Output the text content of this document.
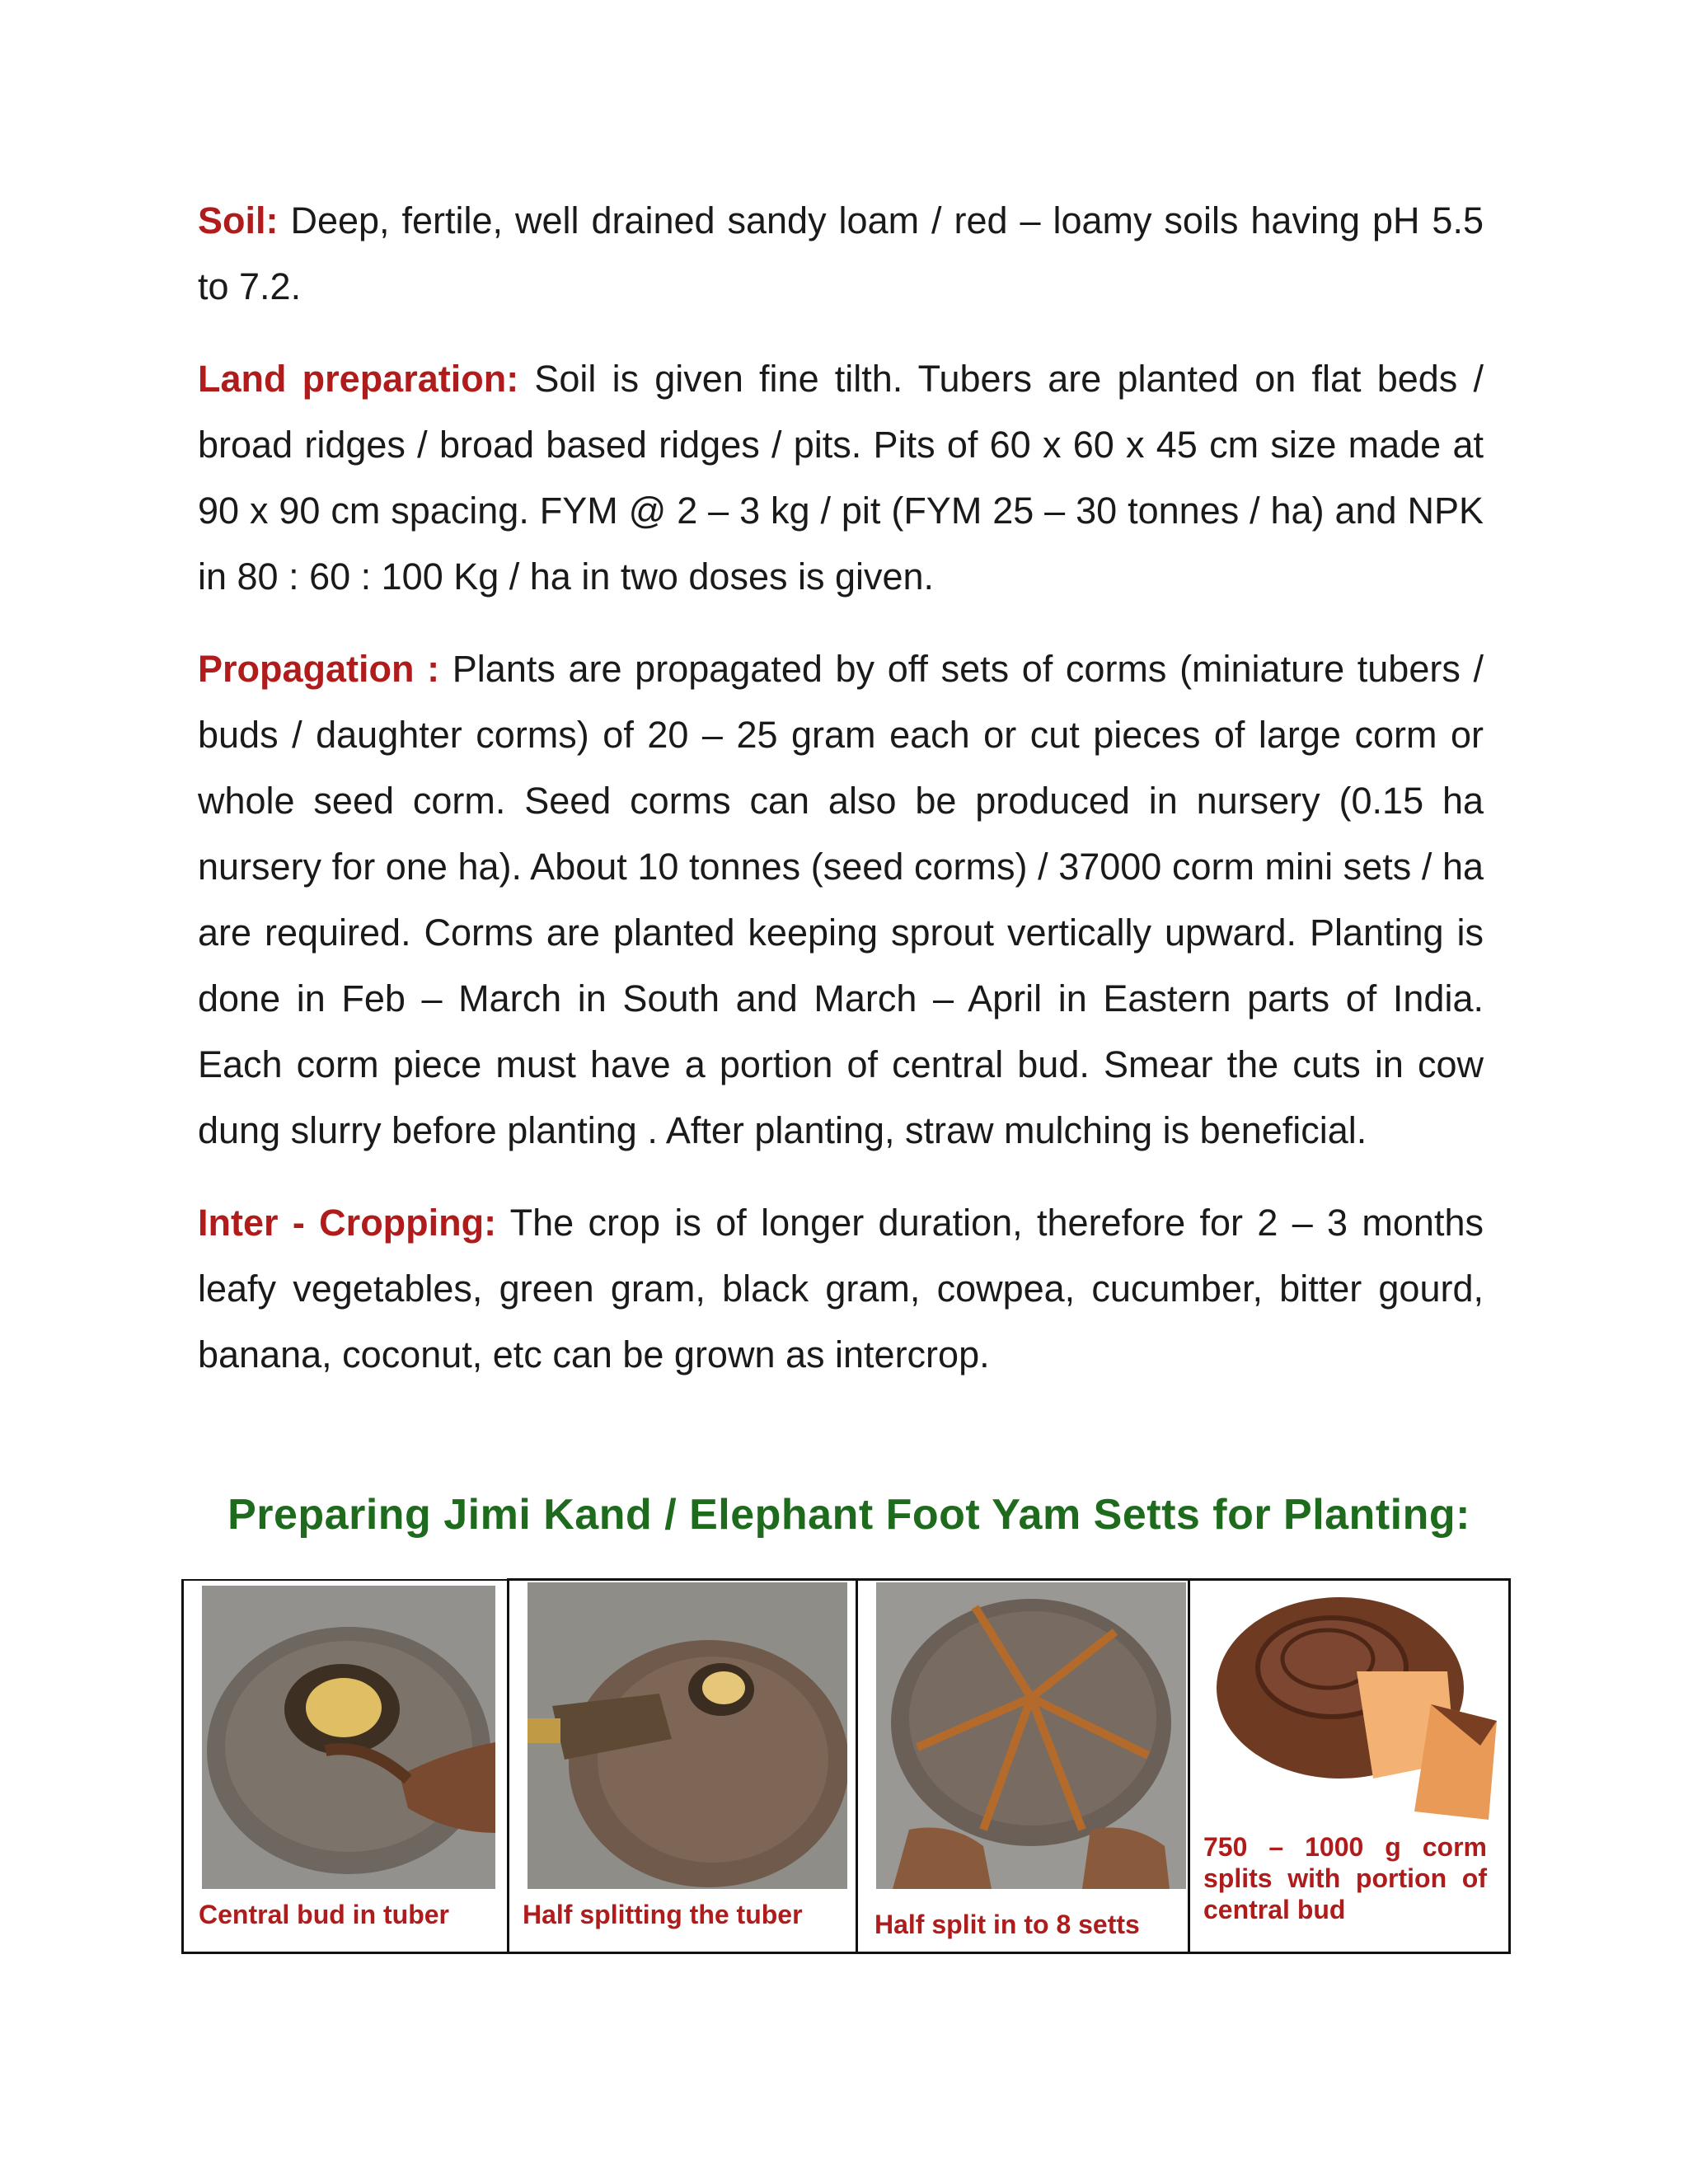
Soil: Deep, fertile, well drained sandy loam / red – loamy soils having pH 5.5 to 7.2.

Land preparation: Soil is given fine tilth. Tubers are planted on flat beds / broad ridges / broad based ridges / pits. Pits of 60 x 60 x 45 cm size made at 90 x 90 cm spacing. FYM @ 2 – 3 kg / pit (FYM 25 – 30 tonnes / ha) and NPK in 80 : 60 : 100 Kg / ha in two doses is given.

Propagation : Plants are propagated by off sets of corms (miniature tubers / buds / daughter corms) of 20 – 25 gram each or cut pieces of large corm or whole seed corm. Seed corms can also be produced in nursery (0.15 ha nursery for one ha). About 10 tonnes (seed corms) / 37000 corm mini sets / ha are required. Corms are planted keeping sprout vertically upward. Planting is done in Feb – March in South and March – April in Eastern parts of India. Each corm piece must have a portion of central bud. Smear the cuts in cow dung slurry before planting . After planting, straw mulching is beneficial.

Inter - Cropping: The crop is of longer duration, therefore for 2 – 3 months leafy vegetables, green gram, black gram, cowpea, cucumber, bitter gourd, banana, coconut, etc can be grown as intercrop.

Preparing Jimi Kand / Elephant Foot Yam Setts for Planting:
Central bud in tuber	Half splitting the tuber	Half split in to 8 setts

750 – 1000 g corm splits with portion of central bud
